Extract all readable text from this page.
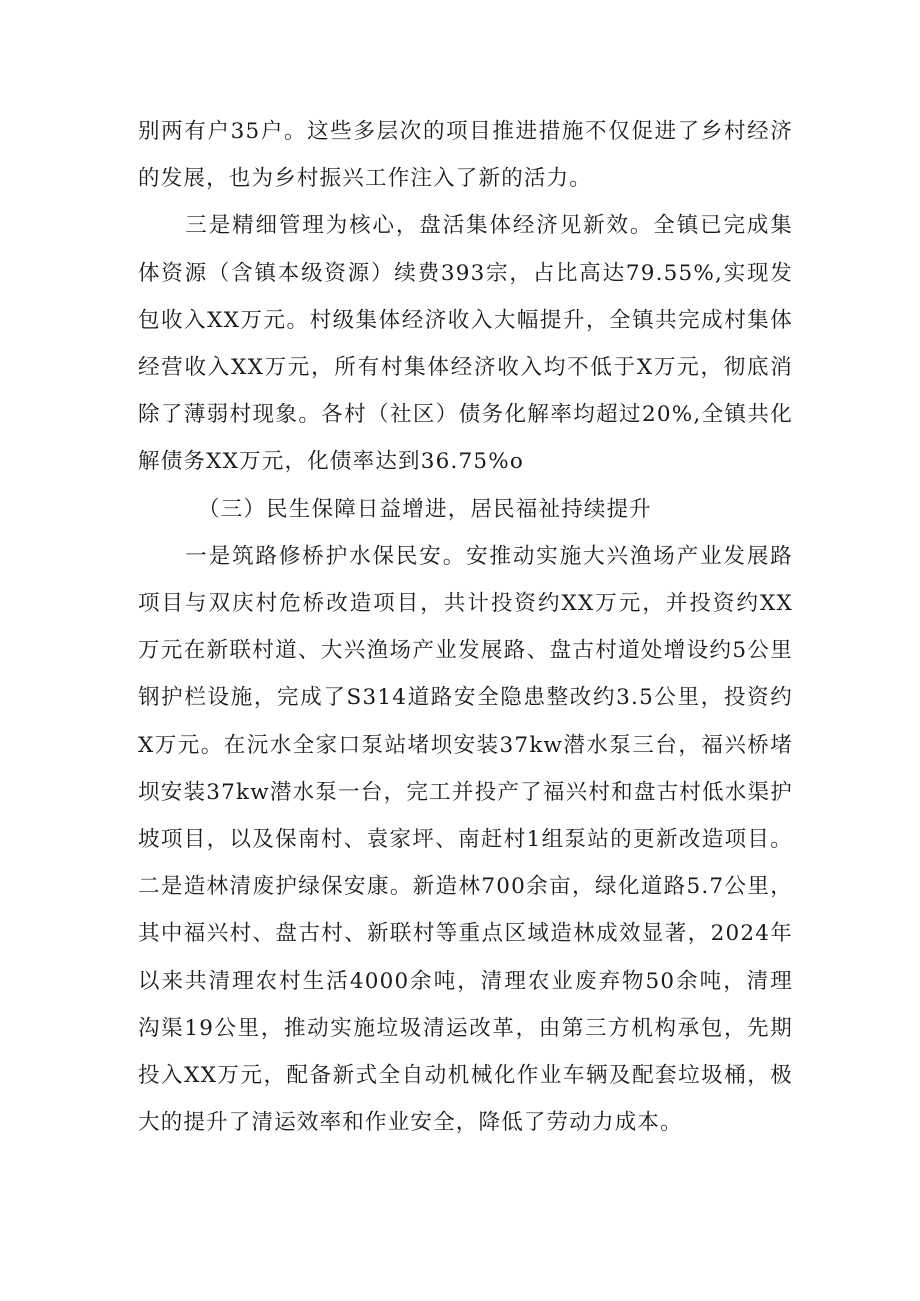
别两有户35户。这些多层次的项目推进措施不仅促进了乡村经济的发展，也为乡村振兴工作注入了新的活力。

三是精细管理为核心，盘活集体经济见新效。全镇已完成集体资源（含镇本级资源）续费393宗，占比高达79.55%,实现发包收入XX万元。村级集体经济收入大幅提升，全镇共完成村集体经营收入XX万元，所有村集体经济收入均不低于X万元，彻底消除了薄弱村现象。各村（社区）债务化解率均超过20%,全镇共化解债务XX万元，化债率达到36.75%o

（三）民生保障日益增进，居民福祉持续提升

一是筑路修桥护水保民安。安推动实施大兴渔场产业发展路项目与双庆村危桥改造项目，共计投资约XX万元，并投资约XX万元在新联村道、大兴渔场产业发展路、盘古村道处增设约5公里钢护栏设施，完成了S314道路安全隐患整改约3.5公里，投资约X万元。在沅水全家口泵站堵坝安装37kw潜水泵三台，福兴桥堵坝安装37kw潜水泵一台，完工并投产了福兴村和盘古村低水渠护坡项目，以及保南村、袁家坪、南赶村1组泵站的更新改造项目。二是造林清废护绿保安康。新造林700余亩，绿化道路5.7公里，其中福兴村、盘古村、新联村等重点区域造林成效显著，2024年以来共清理农村生活4000余吨，清理农业废弃物50余吨，清理沟渠19公里，推动实施垃圾清运改革，由第三方机构承包，先期投入XX万元，配备新式全自动机械化作业车辆及配套垃圾桶，极大的提升了清运效率和作业安全，降低了劳动力成本。
